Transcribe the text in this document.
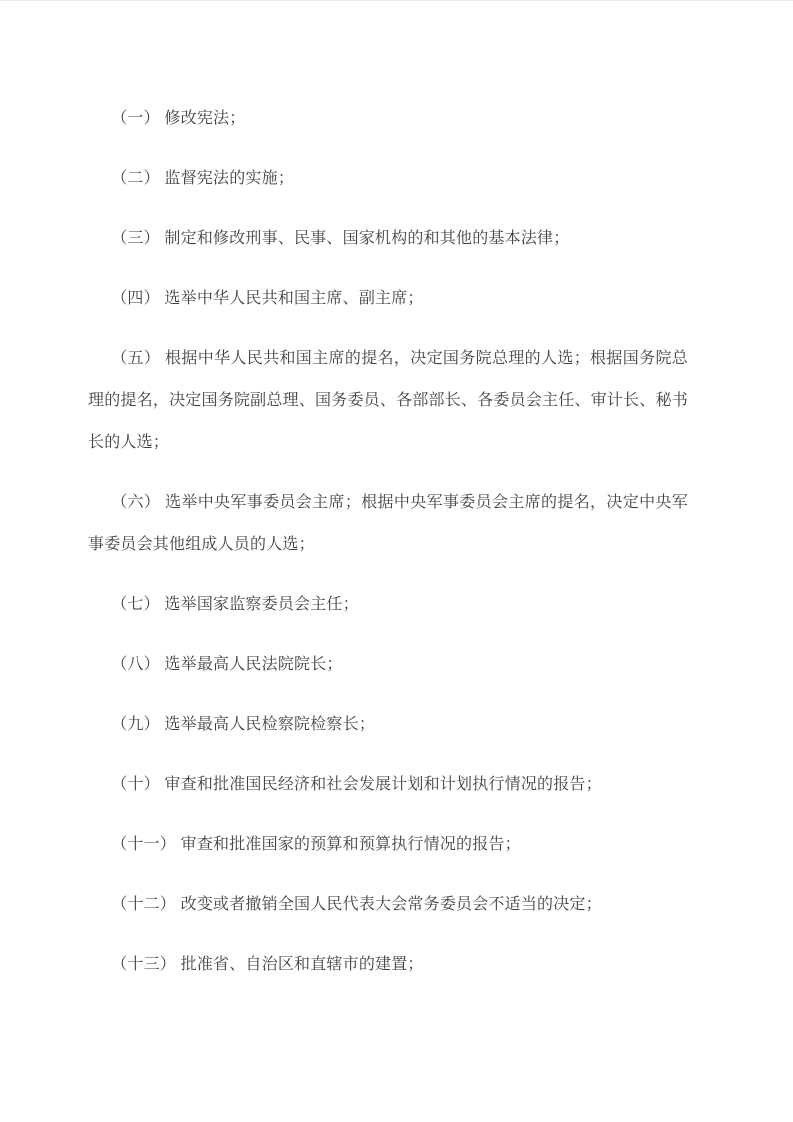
（一） 修改宪法；

（二） 监督宪法的实施；

（三） 制定和修改刑事、民事、国家机构的和其他的基本法律；

（四） 选举中华人民共和国主席、副主席；

（五） 根据中华人民共和国主席的提名，决定国务院总理的人选；根据国务院总理的提名，决定国务院副总理、国务委员、各部部长、各委员会主任、审计长、秘书长的人选；

（六） 选举中央军事委员会主席；根据中央军事委员会主席的提名，决定中央军事委员会其他组成人员的人选；

（七） 选举国家监察委员会主任；

（八） 选举最高人民法院院长；

（九） 选举最高人民检察院检察长；

（十） 审查和批准国民经济和社会发展计划和计划执行情况的报告；

（十一） 审查和批准国家的预算和预算执行情况的报告；

（十二） 改变或者撤销全国人民代表大会常务委员会不适当的决定；

（十三） 批准省、自治区和直辖市的建置；
